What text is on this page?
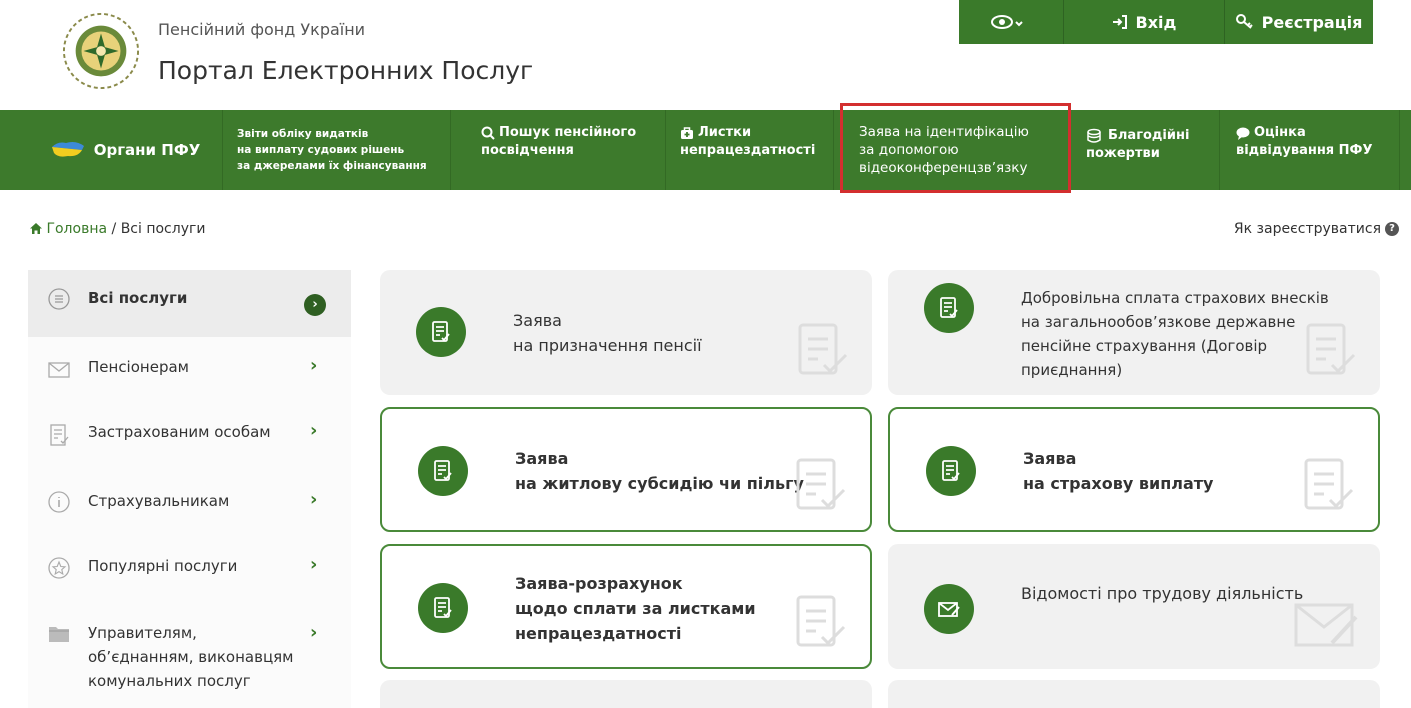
Пенсійний фонд України
Портал Електронних Послуг
Вхід	Реєстрація
Органи ПФУ
Звіти обліку видатків
на виплату судових рішень
за джерелами їх фінансування
Пошук пенсійного
посвідчення
Листки
непрацездатності
Заява на ідентифікацію
за допомогою
відеоконференцзв’язку
Благодійні
пожертви
Оцінка
відвідування ПФУ
Головна / Всі послуги	Як зареєструватися ?
Всі послуги	›
Пенсіонерам	›
Застрахованим особам ›
Страхувальникам	›
Популярні послуги	›
Управителям,
об’єднанням, виконавцям
комунальних послуг
›
Заява
на призначення пенсії
Добровільна сплата страхових внесків
на загальнообов’язкове державне
пенсійне страхування (Договір
приєднання)
Заява
на житлову субсидію чи пільгу
Заява
на страхову виплату
Заява-розрахунок
щодо сплати за листками
непрацездатності
Відомості про трудову діяльність
